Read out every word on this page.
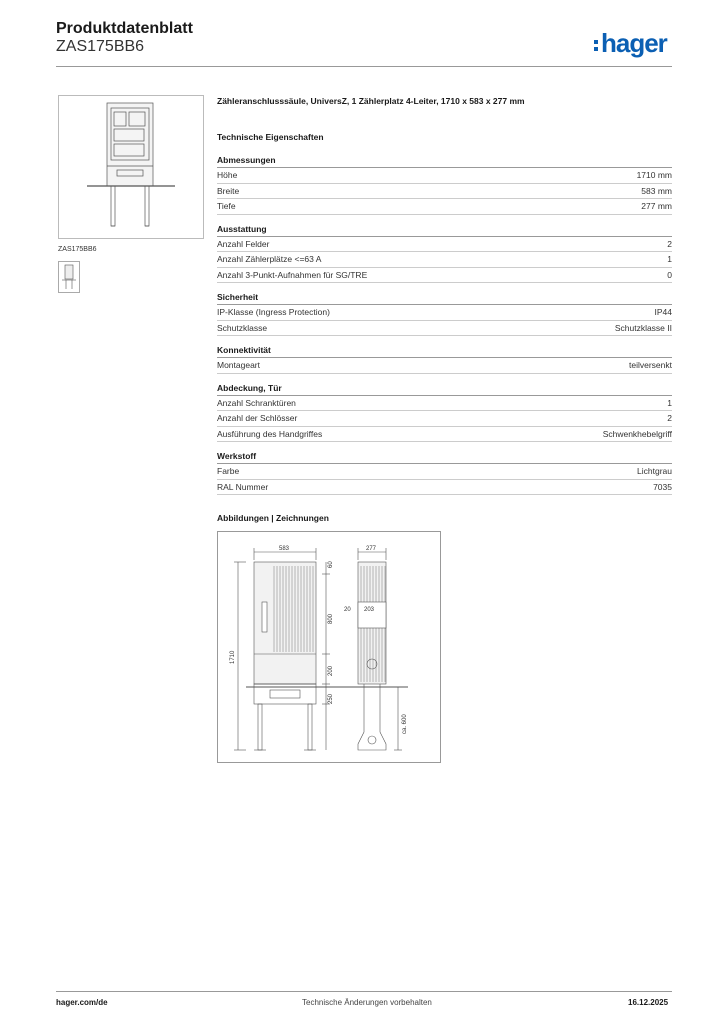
Produktdatenblatt
ZAS175BB6	hager
ZAS175BB6
Zähleranschlusssäule, UniversZ, 1 Zählerplatz 4-Leiter, 1710 x 583 x 277 mm
Technische Eigenschaften
Abmessungen
Höhe	1710 mm
Breite	583 mm
Tiefe	277 mm
Ausstattung
Anzahl Felder	2
Anzahl Zählerplätze <=63 A	1
Anzahl 3-Punkt-Aufnahmen für SG/TRE	0
Sicherheit
IP-Klasse (Ingress Protection)	IP44
Schutzklasse	Schutzklasse II
Konnektivität
Montageart	teilversenkt
Abdeckung, Tür
Anzahl Schranktüren	1
Anzahl der Schlösser	2
Ausführung des Handgriffes	Schwenkhebelgriff
Werkstoff
Farbe	Lichtgrau
RAL Nummer	7035
Abbildungen | Zeichnungen
583	277
60
1710
800
200
250
20 203
ca. 600
hager.com/de	Technische Änderungen vorbehalten	16.12.2025
